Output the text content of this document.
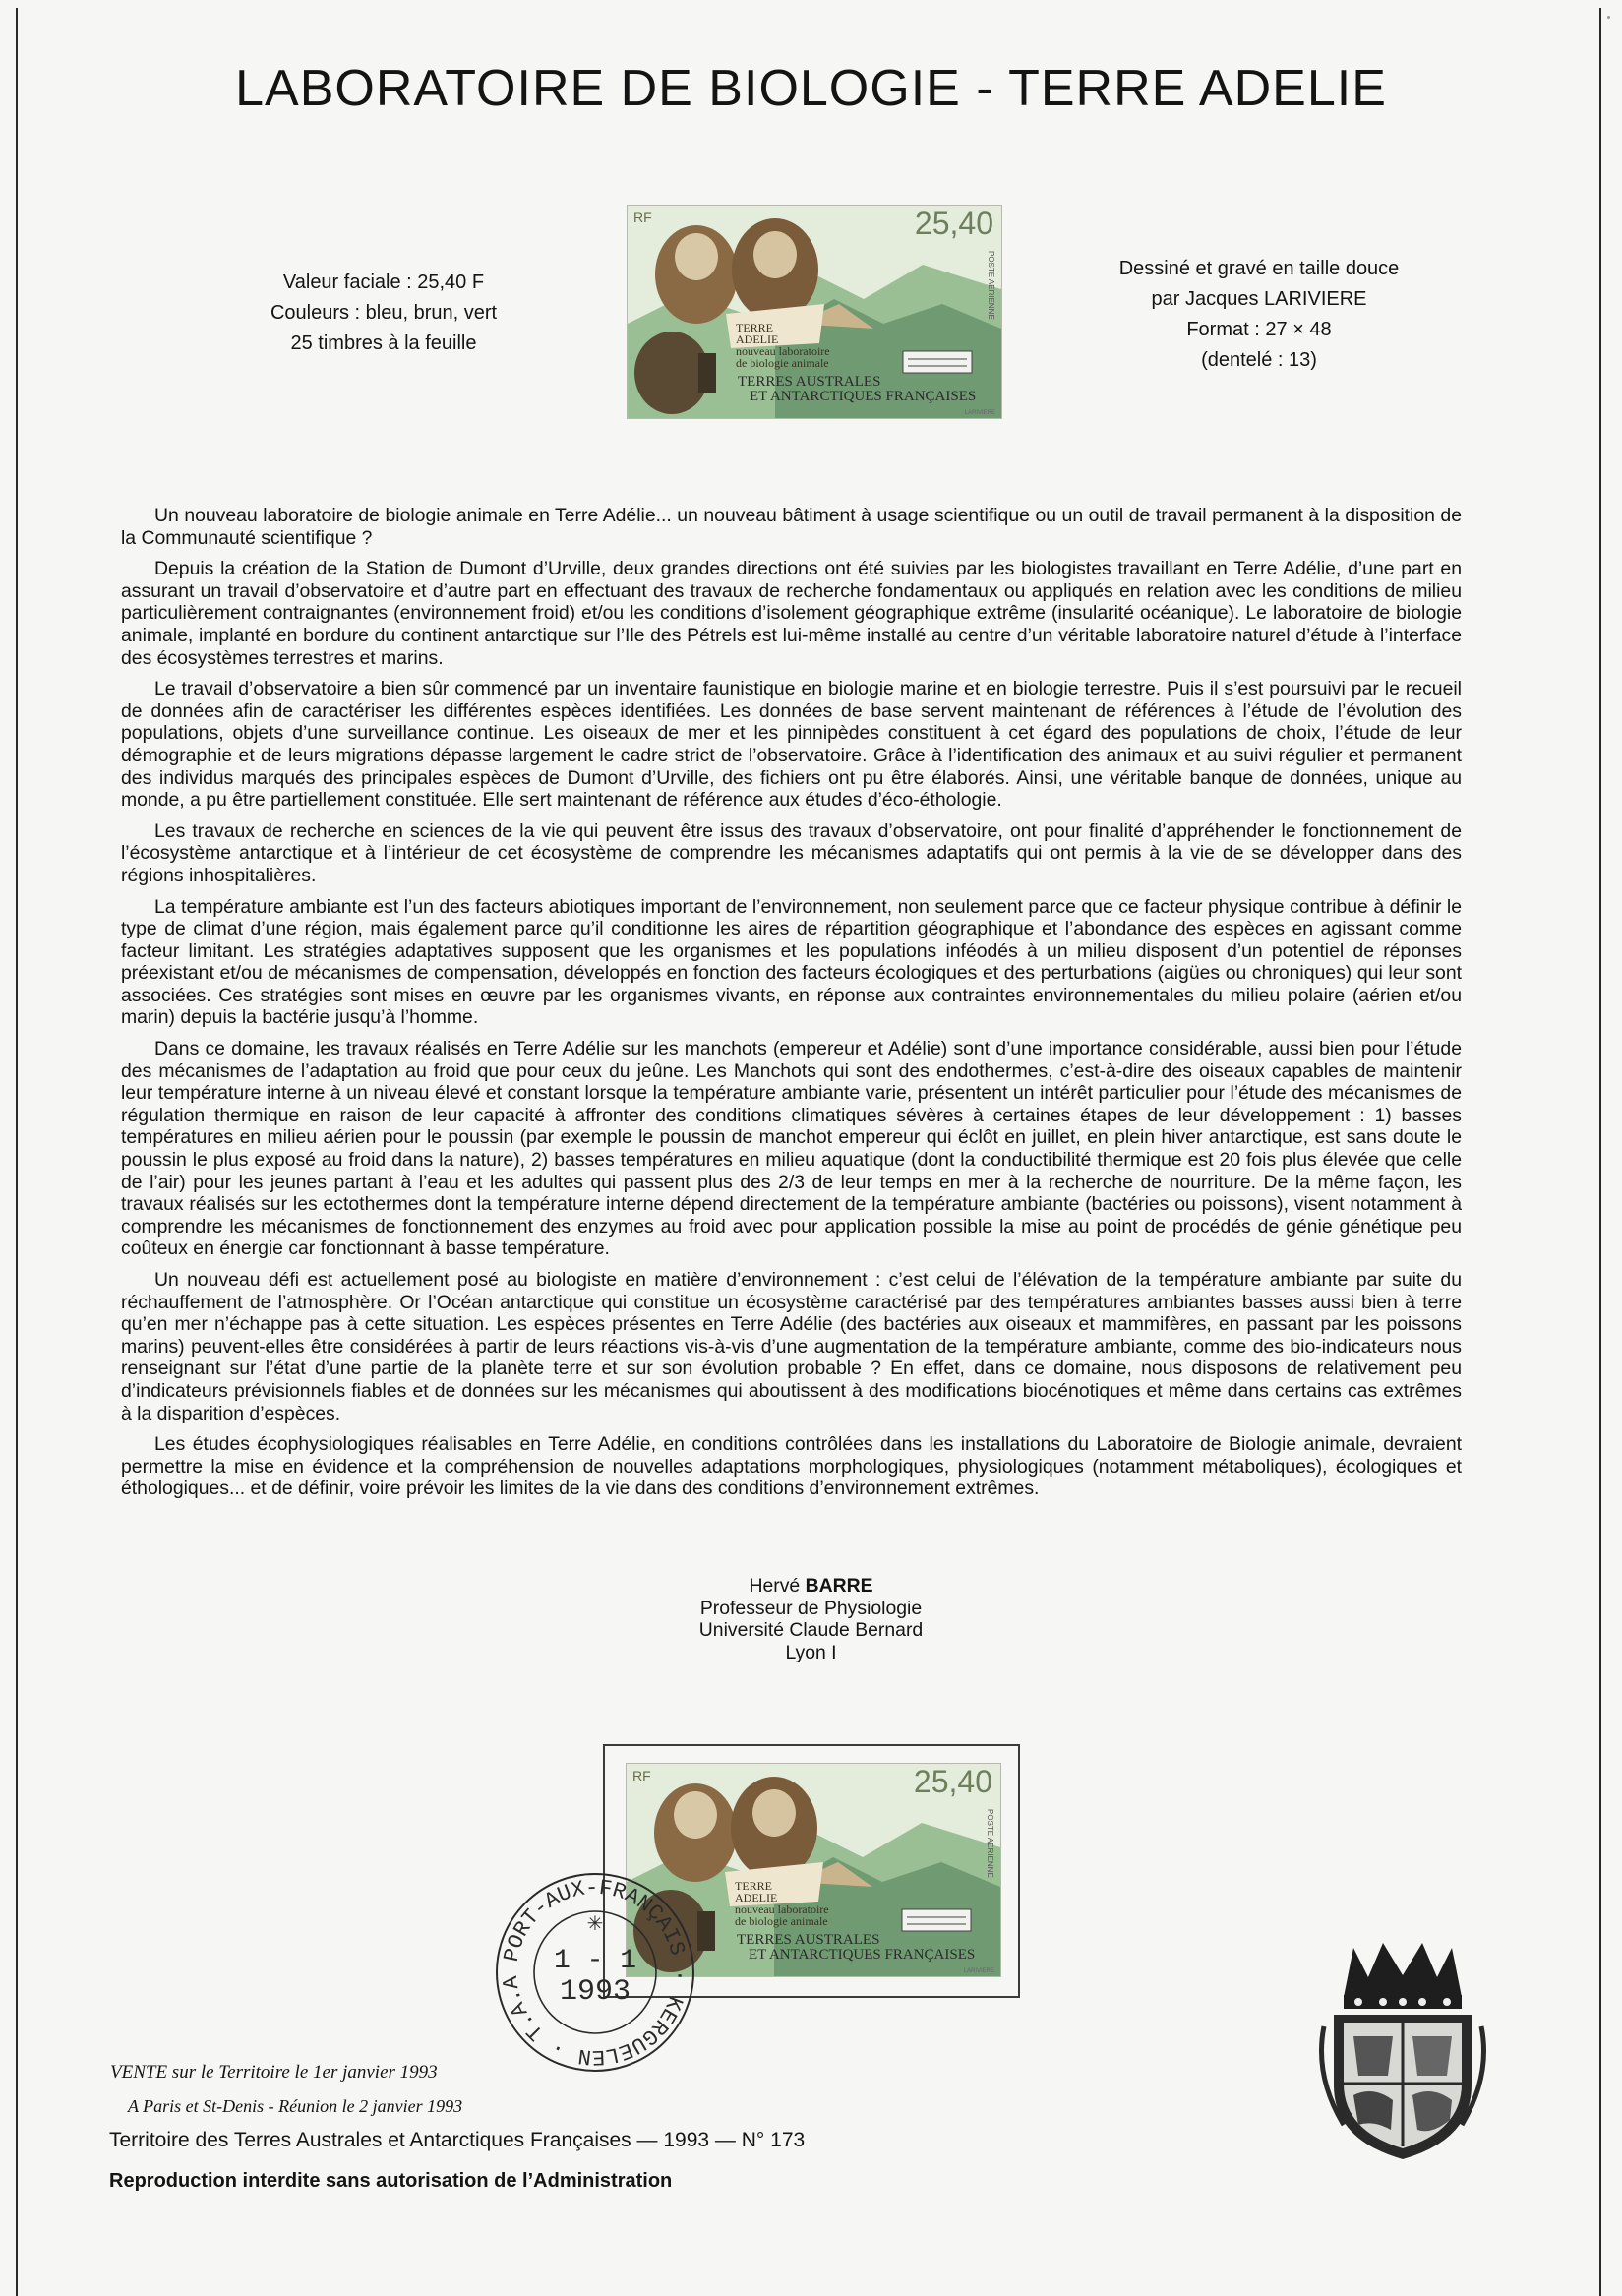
LABORATOIRE DE BIOLOGIE - TERRE ADELIE
Valeur faciale : 25,40 F
Couleurs : bleu, brun, vert
25 timbres à la feuille
Dessiné et gravé en taille douce
par Jacques LARIVIERE
Format : 27 × 48
(dentelé : 13)
RF	25,40
POSTE AERIENNE
TERRE
ADELIE
nouveau laboratoire
de biologie animale
TERRES AUSTRALES
ET ANTARCTIQUES FRANÇAISES
LARIVIERE

Un nouveau laboratoire de biologie animale en Terre Adélie... un nouveau bâtiment à usage scientifique ou un outil de travail permanent à la disposition de la Communauté scientifique ?

Depuis la création de la Station de Dumont d’Urville, deux grandes directions ont été suivies par les biologistes travaillant en Terre Adélie, d’une part en assurant un travail d’observatoire et d’autre part en effectuant des travaux de recherche fondamentaux ou appliqués en relation avec les conditions de milieu particulièrement contraignantes (environnement froid) et/ou les conditions d’isolement géographique extrême (insularité océanique). Le laboratoire de biologie animale, implanté en bordure du continent antarctique sur l’Ile des Pétrels est lui-même installé au centre d’un véritable laboratoire naturel d’étude à l’interface des écosystèmes terrestres et marins.

Le travail d’observatoire a bien sûr commencé par un inventaire faunistique en biologie marine et en biologie terrestre. Puis il s’est poursuivi par le recueil de données afin de caractériser les différentes espèces identifiées. Les données de base servent maintenant de références à l’étude de l’évolution des populations, objets d’une surveillance continue. Les oiseaux de mer et les pinnipèdes constituent à cet égard des populations de choix, l’étude de leur démographie et de leurs migrations dépasse largement le cadre strict de l’observatoire. Grâce à l’identification des animaux et au suivi régulier et permanent des individus marqués des principales espèces de Dumont d’Urville, des fichiers ont pu être élaborés. Ainsi, une véritable banque de données, unique au monde, a pu être partiellement constituée. Elle sert maintenant de référence aux études d’éco-éthologie.

Les travaux de recherche en sciences de la vie qui peuvent être issus des travaux d’observatoire, ont pour finalité d’appréhender le fonctionnement de l’écosystème antarctique et à l’intérieur de cet écosystème de comprendre les mécanismes adaptatifs qui ont permis à la vie de se développer dans des régions inhospitalières.

La température ambiante est l’un des facteurs abiotiques important de l’environnement, non seulement parce que ce facteur physique contribue à définir le type de climat d’une région, mais également parce qu’il conditionne les aires de répartition géographique et l’abondance des espèces en agissant comme facteur limitant. Les stratégies adaptatives supposent que les organismes et les populations inféodés à un milieu disposent d’un potentiel de réponses préexistant et/ou de mécanismes de compensation, développés en fonction des facteurs écologiques et des perturbations (aigües ou chroniques) qui leur sont associées. Ces stratégies sont mises en œuvre par les organismes vivants, en réponse aux contraintes environnementales du milieu polaire (aérien et/ou marin) depuis la bactérie jusqu’à l’homme.

Dans ce domaine, les travaux réalisés en Terre Adélie sur les manchots (empereur et Adélie) sont d’une importance considérable, aussi bien pour l’étude des mécanismes de l’adaptation au froid que pour ceux du jeûne. Les Manchots qui sont des endothermes, c’est-à-dire des oiseaux capables de maintenir leur température interne à un niveau élevé et constant lorsque la température ambiante varie, présentent un intérêt particulier pour l’étude des mécanismes de régulation thermique en raison de leur capacité à affronter des conditions climatiques sévères à certaines étapes de leur développement : 1) basses températures en milieu aérien pour le poussin (par exemple le poussin de manchot empereur qui éclôt en juillet, en plein hiver antarctique, est sans doute le poussin le plus exposé au froid dans la nature), 2) basses températures en milieu aquatique (dont la conductibilité thermique est 20 fois plus élevée que celle de l’air) pour les jeunes partant à l’eau et les adultes qui passent plus des 2/3 de leur temps en mer à la recherche de nourriture. De la même façon, les travaux réalisés sur les ectothermes dont la température interne dépend directement de la température ambiante (bactéries ou poissons), visent notamment à comprendre les mécanismes de fonctionnement des enzymes au froid avec pour application possible la mise au point de procédés de génie génétique peu coûteux en énergie car fonctionnant à basse température.

Un nouveau défi est actuellement posé au biologiste en matière d’environnement : c’est celui de l’élévation de la température ambiante par suite du réchauffement de l’atmosphère. Or l’Océan antarctique qui constitue un écosystème caractérisé par des températures ambiantes basses aussi bien à terre qu’en mer n’échappe pas à cette situation. Les espèces présentes en Terre Adélie (des bactéries aux oiseaux et mammifères, en passant par les poissons marins) peuvent-elles être considérées à partir de leurs réactions vis-à-vis d’une augmentation de la température ambiante, comme des bio-indicateurs nous renseignant sur l’état d’une partie de la planète terre et sur son évolution probable ? En effet, dans ce domaine, nous disposons de relativement peu d’indicateurs prévisionnels fiables et de données sur les mécanismes qui aboutissent à des modifications biocénotiques et même dans certains cas extrêmes à la disparition d’espèces.

Les études écophysiologiques réalisables en Terre Adélie, en conditions contrôlées dans les installations du Laboratoire de Biologie animale, devraient permettre la mise en évidence et la compréhension de nouvelles adaptations morphologiques, physiologiques (notamment métaboliques), écologiques et éthologiques... et de définir, voire prévoir les limites de la vie dans des conditions d’environnement extrêmes.

Hervé BARRE
Professeur de Physiologie
Université Claude Bernard
Lyon I
RF	25,40
POSTE AERIENNE
TERRE
ADELIE
nouveau laboratoire
de biologie animale
TERRES AUSTRALES
ET ANTARCTIQUES FRANÇAISES
LARIVIERE
PORT-AUX-FRANÇAIS · KERGUELEN · T.A.A
✳
1 - 1
1993
VENTE sur le Territoire le 1er janvier 1993
A Paris et St-Denis - Réunion le 2 janvier 1993
Territoire des Terres Australes et Antarctiques Françaises — 1993 — N° 173
Reproduction interdite sans autorisation de l’Administration
